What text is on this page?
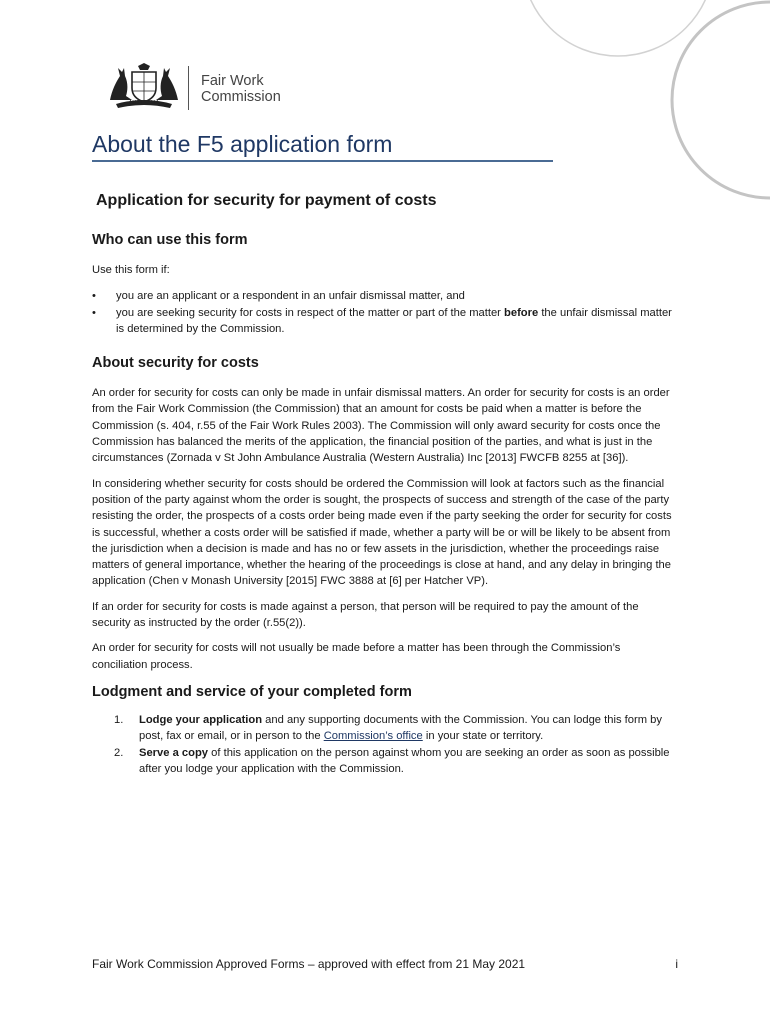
AUSTRALIA
Fair Work
Commission
About the F5 application form
Application for security for payment of costs
Who can use this form

Use this form if:

• you are an applicant or a respondent in an unfair dismissal matter, and
• you are seeking security for costs in respect of the matter or part of the matter before the unfair dismissal matter is determined by the Commission.
About security for costs

An order for security for costs can only be made in unfair dismissal matters. An order for security for costs is an order from the Fair Work Commission (the Commission) that an amount for costs be paid when a matter is before the Commission (s. 404, r.55 of the Fair Work Rules 2003). The Commission will only award security for costs once the Commission has balanced the merits of the application, the financial position of the parties, and what is just in the circumstances (Zornada v St John Ambulance Australia (Western Australia) Inc [2013] FWCFB 8255 at [36]).

In considering whether security for costs should be ordered the Commission will look at factors such as the financial position of the party against whom the order is sought, the prospects of success and strength of the case of the party resisting the order, the prospects of a costs order being made even if the party seeking the order for security for costs is successful, whether a costs order will be satisfied if made, whether a party will be or will be likely to be absent from the jurisdiction when a decision is made and has no or few assets in the jurisdiction, whether the proceedings raise matters of general importance, whether the hearing of the proceedings is close at hand, and any delay in bringing the application (Chen v Monash University [2015] FWC 3888 at [6] per Hatcher VP).

If an order for security for costs is made against a person, that person will be required to pay the amount of the security as instructed by the order (r.55(2)).

An order for security for costs will not usually be made before a matter has been through the Commission’s conciliation process.

Lodgment and service of your completed form
1. Lodge your application and any supporting documents with the Commission. You can lodge this form by post, fax or email, or in person to the Commission’s office in your state or territory.
2. Serve a copy of this application on the person against whom you are seeking an order as soon as possible after you lodge your application with the Commission.
Fair Work Commission Approved Forms – approved with effect from 21 May 2021	i
